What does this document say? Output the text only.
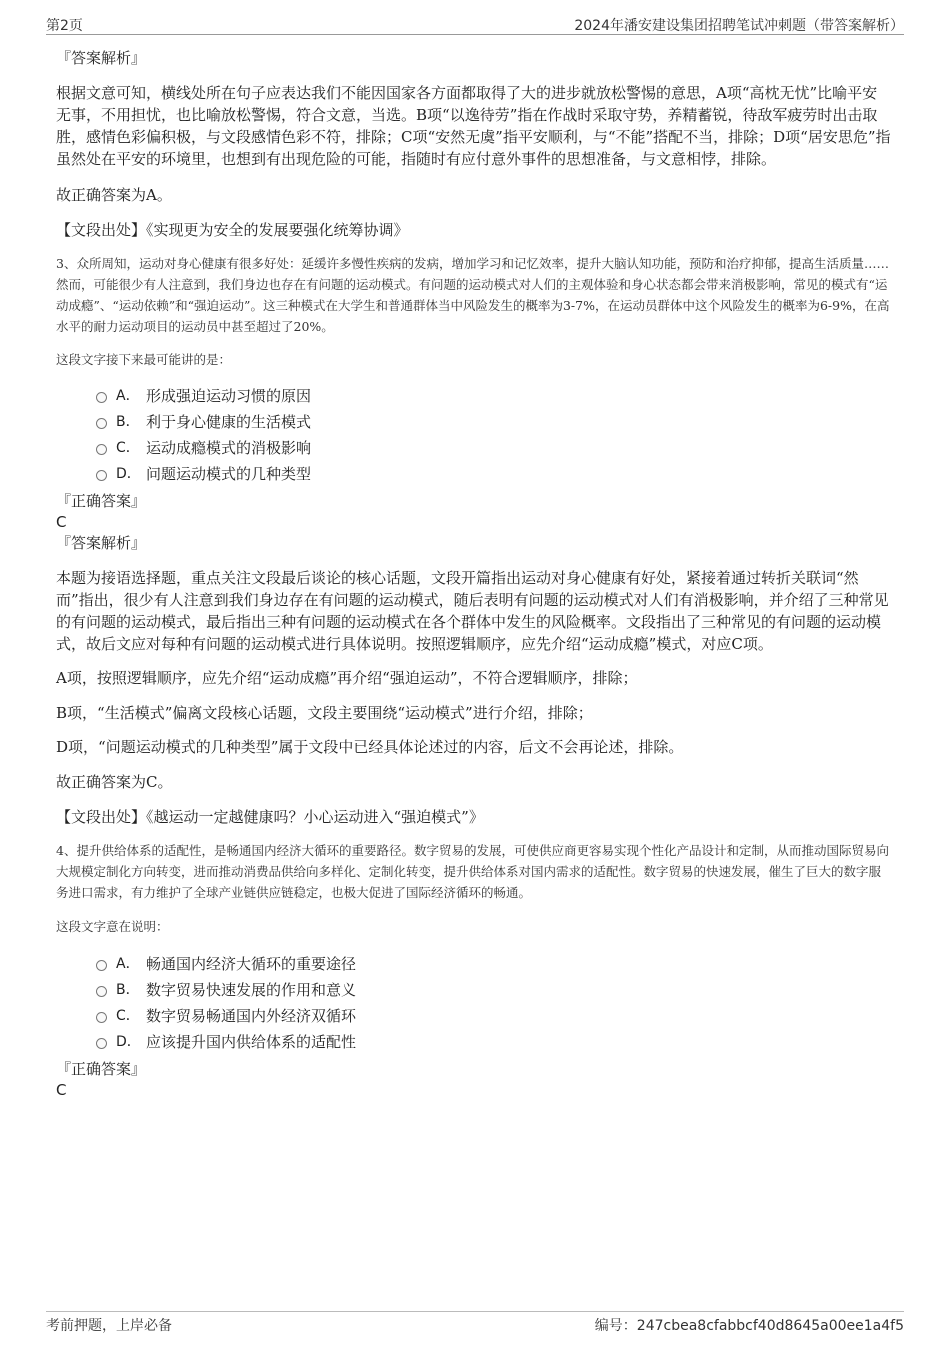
第2页	2024年潘安建设集团招聘笔试冲刺题（带答案解析）

『答案解析』

根据文意可知，横线处所在句子应表达我们不能因国家各方面都取得了大的进步就放松警惕的意思，A项“高枕无忧”比喻平安无事，不用担忧，也比喻放松警惕，符合文意，当选。B项“以逸待劳”指在作战时采取守势，养精蓄锐，待敌军疲劳时出击取胜，感情色彩偏积极，与文段感情色彩不符，排除；C项“安然无虞”指平安顺利，与“不能”搭配不当，排除；D项“居安思危”指虽然处在平安的环境里，也想到有出现危险的可能，指随时有应付意外事件的思想准备，与文意相悖，排除。

故正确答案为A。

【文段出处】《实现更为安全的发展要强化统筹协调》

3、众所周知，运动对身心健康有很多好处：延缓许多慢性疾病的发病，增加学习和记忆效率，提升大脑认知功能，预防和治疗抑郁，提高生活质量……然而，可能很少有人注意到，我们身边也存在有问题的运动模式。有问题的运动模式对人们的主观体验和身心状态都会带来消极影响，常见的模式有“运动成瘾”、“运动依赖”和“强迫运动”。这三种模式在大学生和普通群体当中风险发生的概率为3-7%，在运动员群体中这个风险发生的概率为6-9%，在高水平的耐力运动项目的运动员中甚至超过了20%。

这段文字接下来最可能讲的是：

A． 形成强迫运动习惯的原因
B． 利于身心健康的生活模式
C． 运动成瘾模式的消极影响
D． 问题运动模式的几种类型

『正确答案』

C

『答案解析』

本题为接语选择题，重点关注文段最后谈论的核心话题，文段开篇指出运动对身心健康有好处，紧接着通过转折关联词“然而”指出，很少有人注意到我们身边存在有问题的运动模式，随后表明有问题的运动模式对人们有消极影响，并介绍了三种常见的有问题的运动模式，最后指出三种有问题的运动模式在各个群体中发生的风险概率。文段指出了三种常见的有问题的运动模式，故后文应对每种有问题的运动模式进行具体说明。按照逻辑顺序，应先介绍“运动成瘾”模式，对应C项。

A项，按照逻辑顺序，应先介绍“运动成瘾”再介绍“强迫运动”，不符合逻辑顺序，排除；

B项，“生活模式”偏离文段核心话题，文段主要围绕“运动模式”进行介绍，排除；

D项，“问题运动模式的几种类型”属于文段中已经具体论述过的内容，后文不会再论述，排除。

故正确答案为C。

【文段出处】《越运动一定越健康吗？小心运动进入“强迫模式”》

4、提升供给体系的适配性，是畅通国内经济大循环的重要路径。数字贸易的发展，可使供应商更容易实现个性化产品设计和定制，从而推动国际贸易向大规模定制化方向转变，进而推动消费品供给向多样化、定制化转变，提升供给体系对国内需求的适配性。数字贸易的快速发展，催生了巨大的数字服务进口需求，有力维护了全球产业链供应链稳定，也极大促进了国际经济循环的畅通。

这段文字意在说明：

A． 畅通国内经济大循环的重要途径
B． 数字贸易快速发展的作用和意义
C． 数字贸易畅通国内外经济双循环
D． 应该提升国内供给体系的适配性

『正确答案』

C

考前押题，上岸必备	编号：247cbea8cfabbcf40d8645a00ee1a4f5
